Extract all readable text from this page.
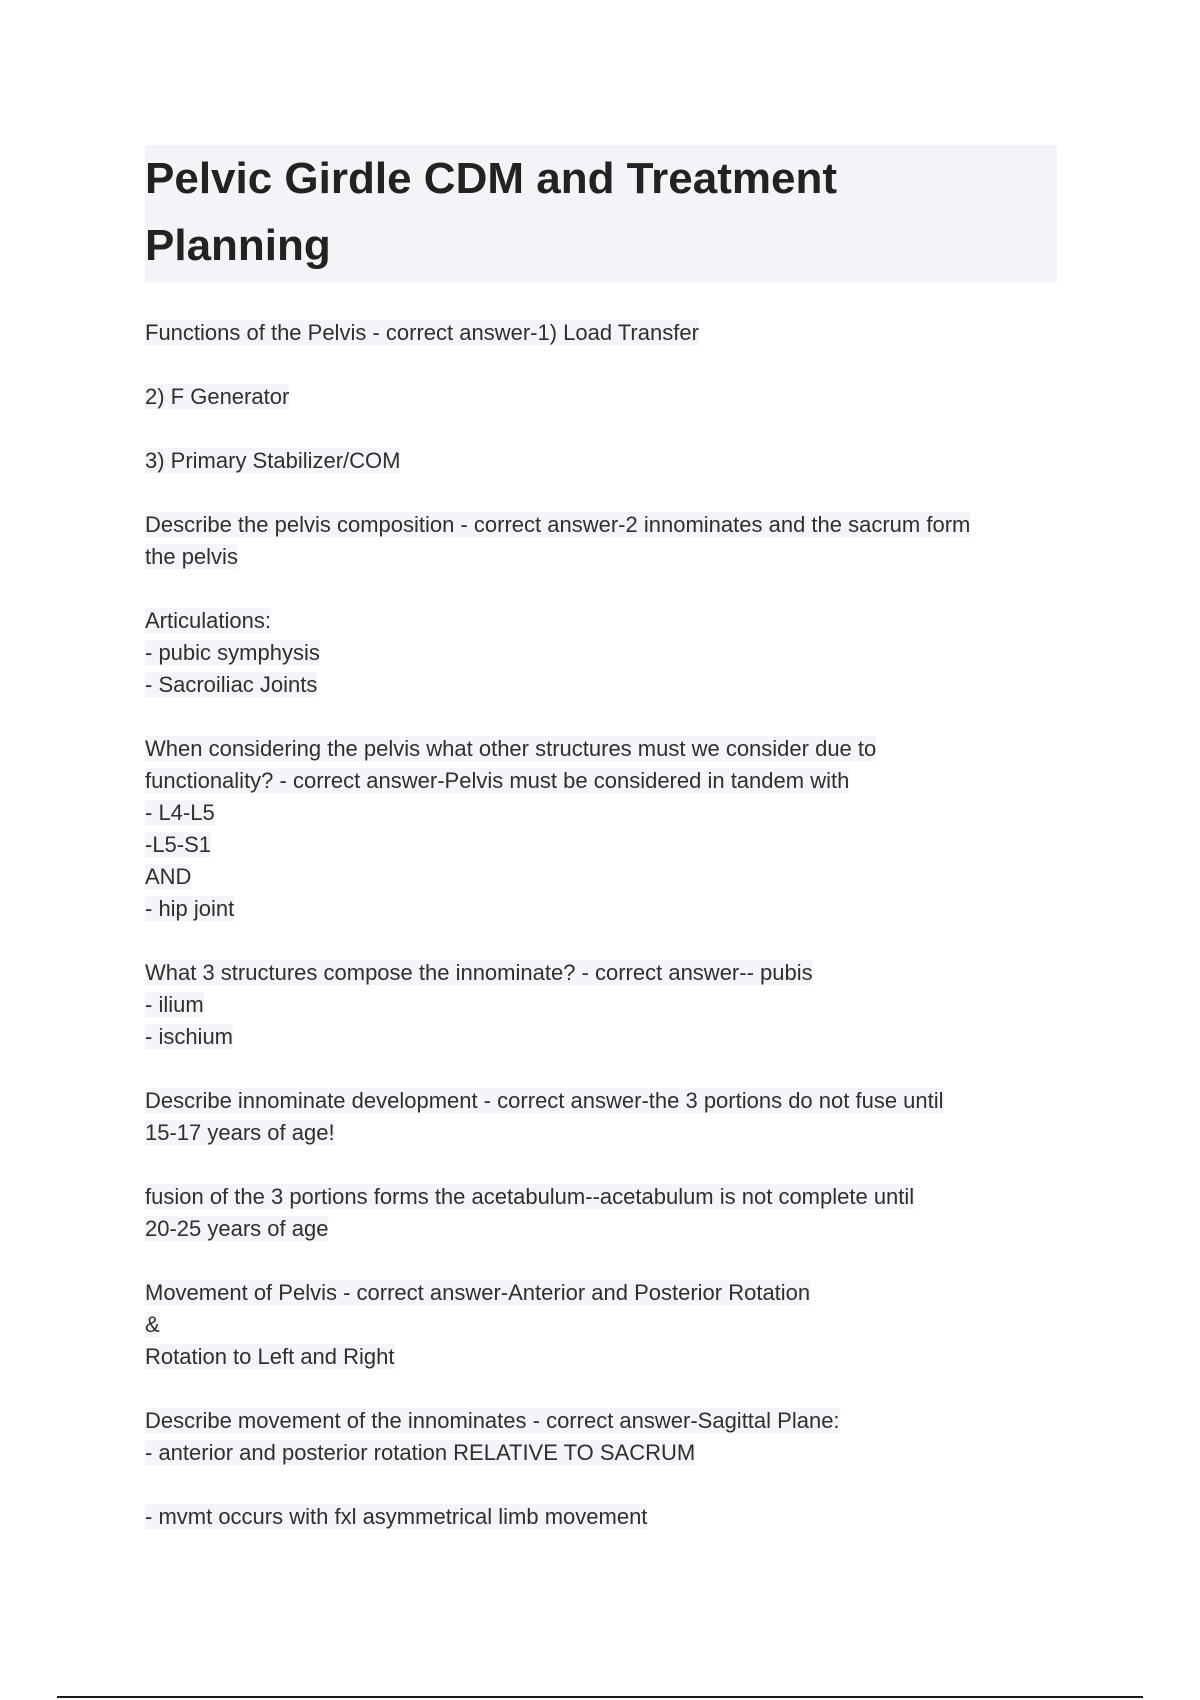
Pelvic Girdle CDM and Treatment
Planning
Functions of the Pelvis - correct answer-1) Load Transfer
2) F Generator
3) Primary Stabilizer/COM
Describe the pelvis composition - correct answer-2 innominates and the sacrum form
the pelvis
Articulations:
- pubic symphysis
- Sacroiliac Joints
When considering the pelvis what other structures must we consider due to
functionality? - correct answer-Pelvis must be considered in tandem with
- L4-L5
-L5-S1
AND
- hip joint
What 3 structures compose the innominate? - correct answer-- pubis
- ilium
- ischium
Describe innominate development - correct answer-the 3 portions do not fuse until
15-17 years of age!
fusion of the 3 portions forms the acetabulum--acetabulum is not complete until
20-25 years of age
Movement of Pelvis - correct answer-Anterior and Posterior Rotation
&
Rotation to Left and Right
Describe movement of the innominates - correct answer-Sagittal Plane:
- anterior and posterior rotation RELATIVE TO SACRUM
- mvmt occurs with fxl asymmetrical limb movement
